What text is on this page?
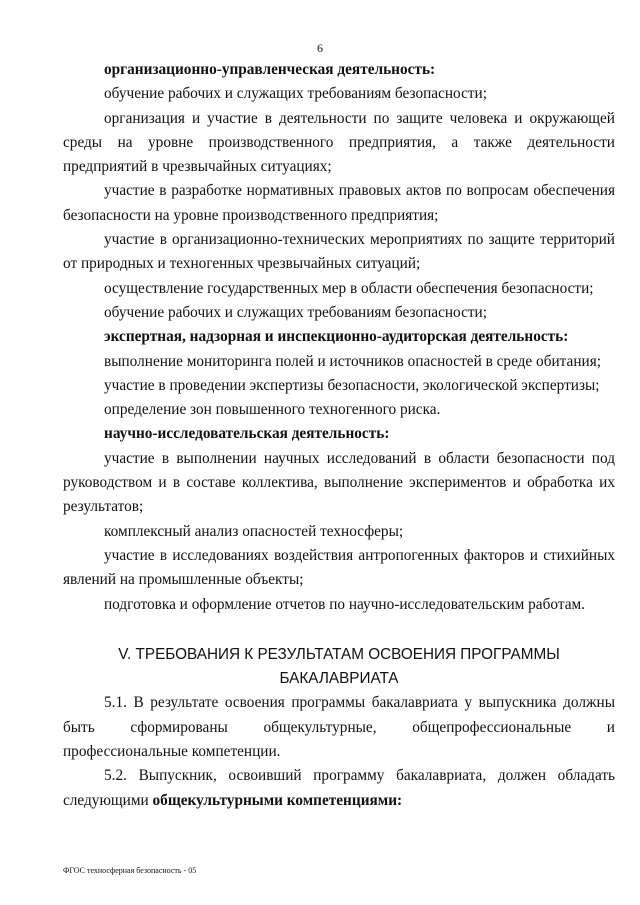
6

организационно-управленческая деятельность:

обучение рабочих и служащих требованиям безопасности;

организация и участие в деятельности по защите человека и окружающей среды на уровне производственного предприятия, а также деятельности предприятий в чрезвычайных ситуациях;

участие в разработке нормативных правовых актов по вопросам обеспечения безопасности на уровне производственного предприятия;

участие в организационно-технических мероприятиях по защите территорий от природных и техногенных чрезвычайных ситуаций;

осуществление государственных мер в области обеспечения безопасности;

обучение рабочих и служащих требованиям безопасности;

экспертная, надзорная и инспекционно-аудиторская деятельность:

выполнение мониторинга полей и источников опасностей в среде обитания;

участие в проведении экспертизы безопасности, экологической экспертизы;

определение зон повышенного техногенного риска.

научно-исследовательская деятельность:

участие в выполнении научных исследований в области безопасности под руководством и в составе коллектива, выполнение экспериментов и обработка их результатов;

комплексный анализ опасностей техносферы;

участие в исследованиях воздействия антропогенных факторов и стихийных явлений на промышленные объекты;

подготовка и оформление отчетов по научно-исследовательским работам.

V. ТРЕБОВАНИЯ К РЕЗУЛЬТАТАМ ОСВОЕНИЯ ПРОГРАММЫ

БАКАЛАВРИАТА

5.1. В результате освоения программы бакалавриата у выпускника должны быть сформированы общекультурные, общепрофессиональные и профессиональные компетенции.

5.2. Выпускник, освоивший программу бакалавриата, должен обладать следующими общекультурными компетенциями:

ФГОС техносферная безопасность - 05
